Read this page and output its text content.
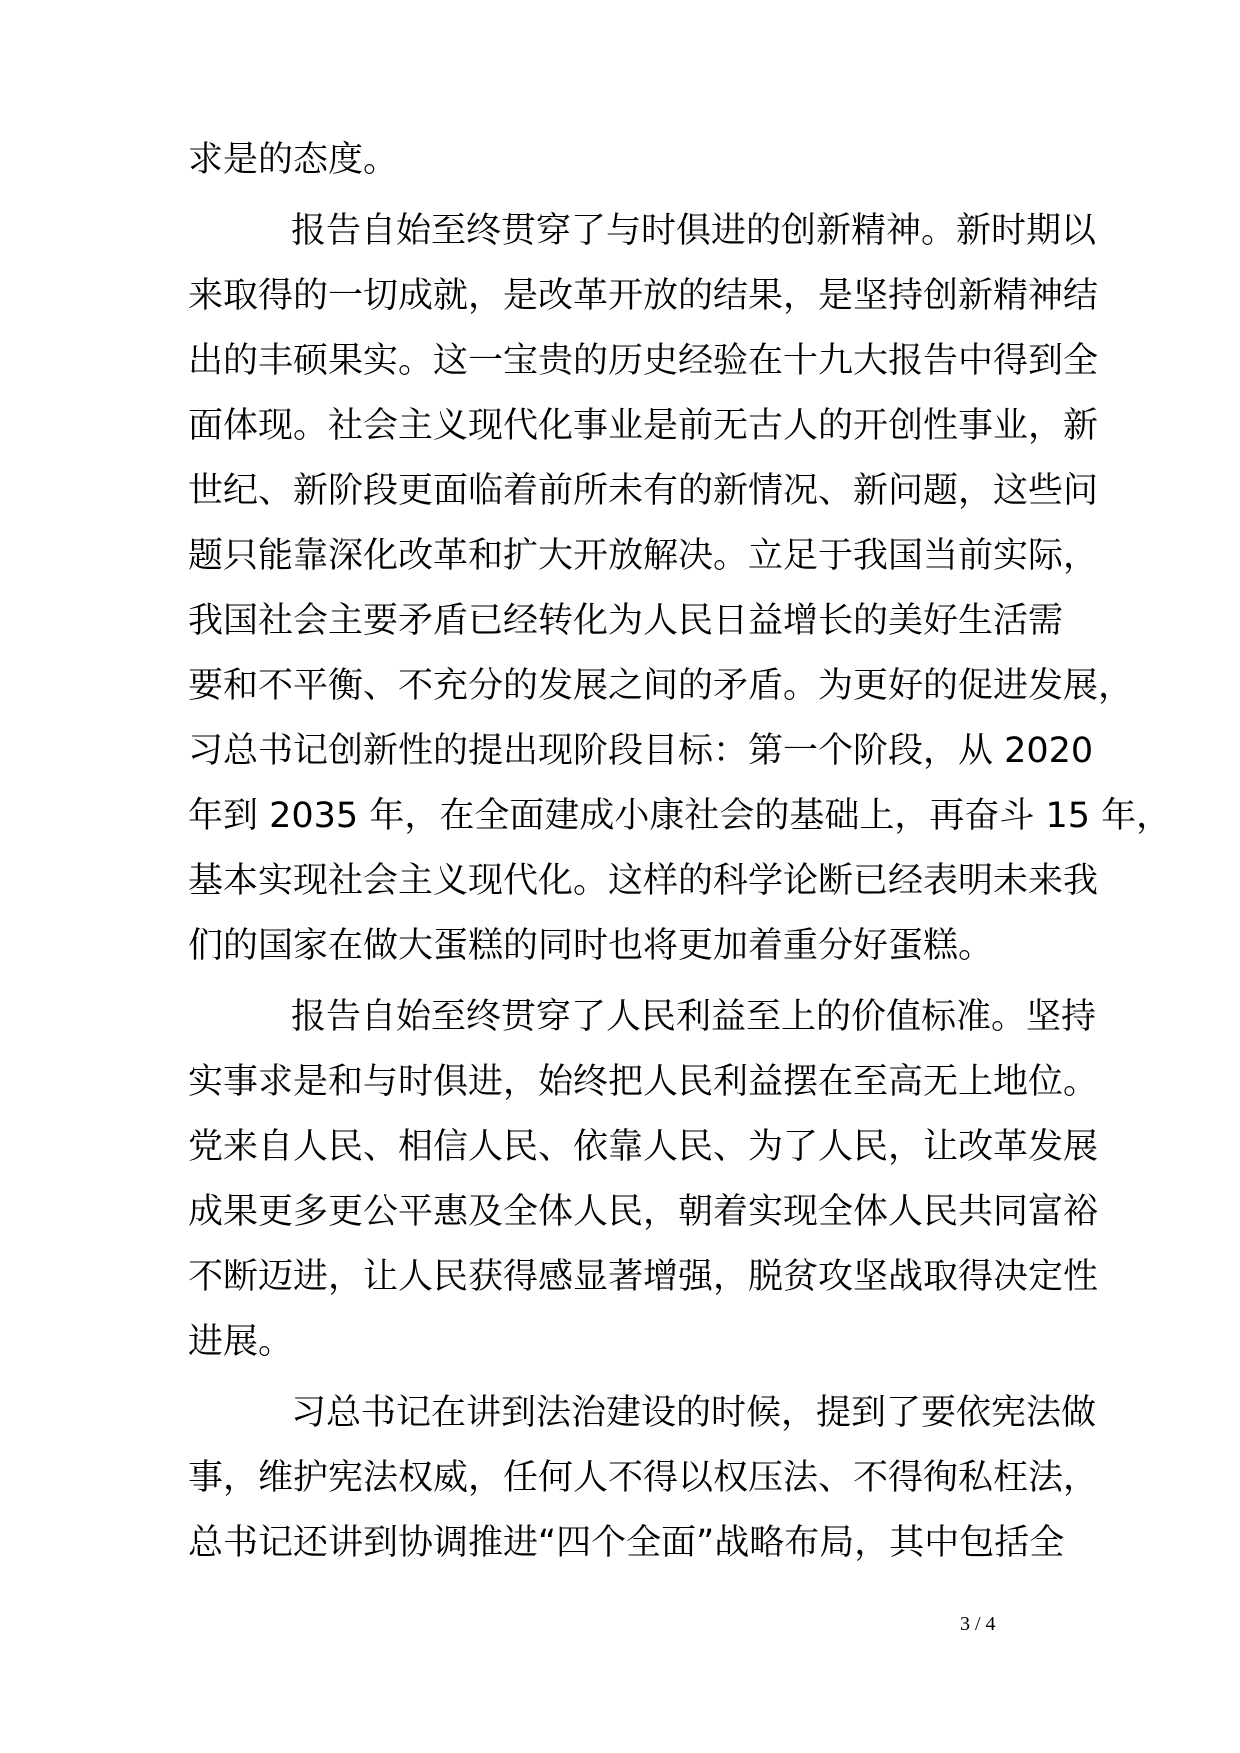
求是的态度。
报告自始至终贯穿了与时俱进的创新精神。新时期以
来取得的一切成就，是改革开放的结果，是坚持创新精神结
出的丰硕果实。这一宝贵的历史经验在十九大报告中得到全
面体现。社会主义现代化事业是前无古人的开创性事业，新
世纪、新阶段更面临着前所未有的新情况、新问题，这些问
题只能靠深化改革和扩大开放解决。立足于我国当前实际，
我国社会主要矛盾已经转化为人民日益增长的美好生活需
要和不平衡、不充分的发展之间的矛盾。为更好的促进发展，
习总书记创新性的提出现阶段目标：第一个阶段，从 2020
年到 2035 年，在全面建成小康社会的基础上，再奋斗 15 年，
基本实现社会主义现代化。这样的科学论断已经表明未来我
们的国家在做大蛋糕的同时也将更加着重分好蛋糕。
报告自始至终贯穿了人民利益至上的价值标准。坚持
实事求是和与时俱进，始终把人民利益摆在至高无上地位。
党来自人民、相信人民、依靠人民、为了人民，让改革发展
成果更多更公平惠及全体人民，朝着实现全体人民共同富裕
不断迈进，让人民获得感显著增强，脱贫攻坚战取得决定性
进展。
习总书记在讲到法治建设的时候，提到了要依宪法做
事，维护宪法权威，任何人不得以权压法、不得徇私枉法，
总书记还讲到协调推进“四个全面”战略布局，其中包括全
3 / 4
